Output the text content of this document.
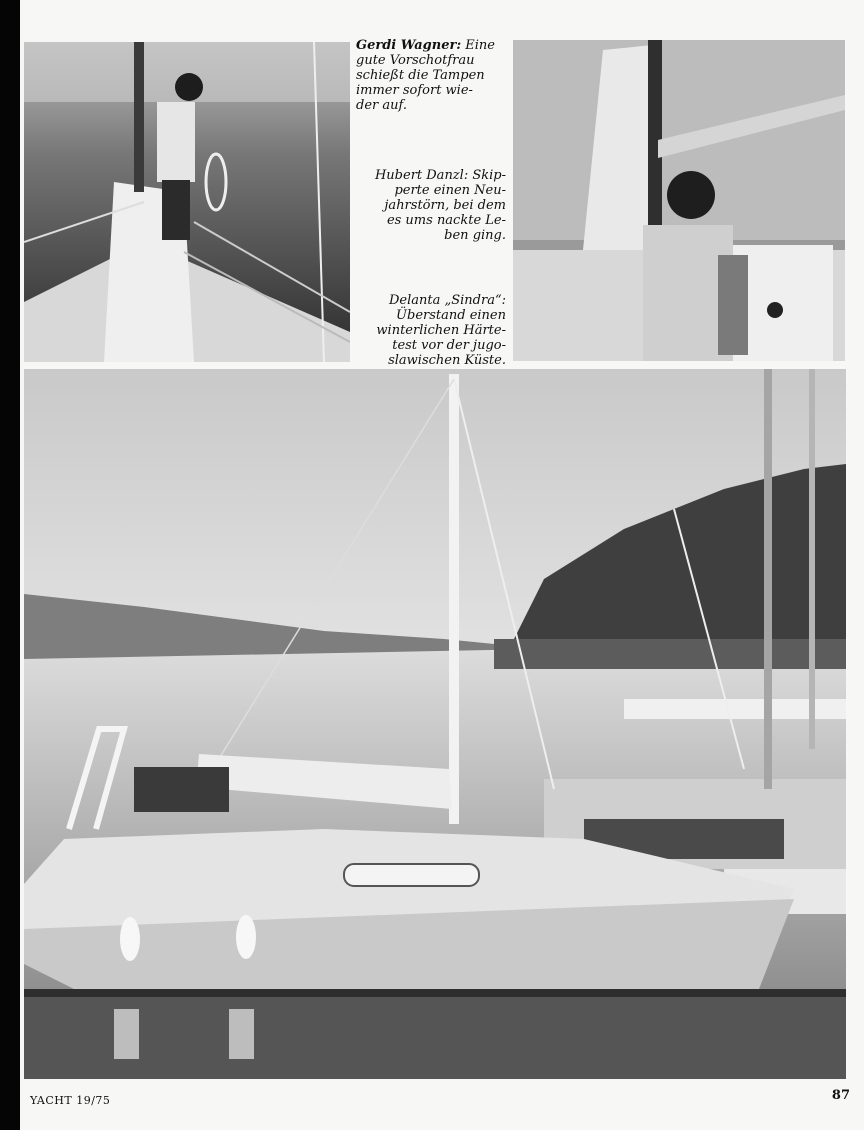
Gerdi Wagner: Eine
gute Vorschotfrau
schießt die Tampen
immer sofort wie-
der auf.
Hubert Danzl: Skip-
perte einen Neu-
jahrstörn, bei dem
es ums nackte Le-
ben ging.
Delanta „Sindra“:
Überstand einen
winterlichen Härte-
test vor der jugo-
slawischen Küste.
YACHT 19/75	87
